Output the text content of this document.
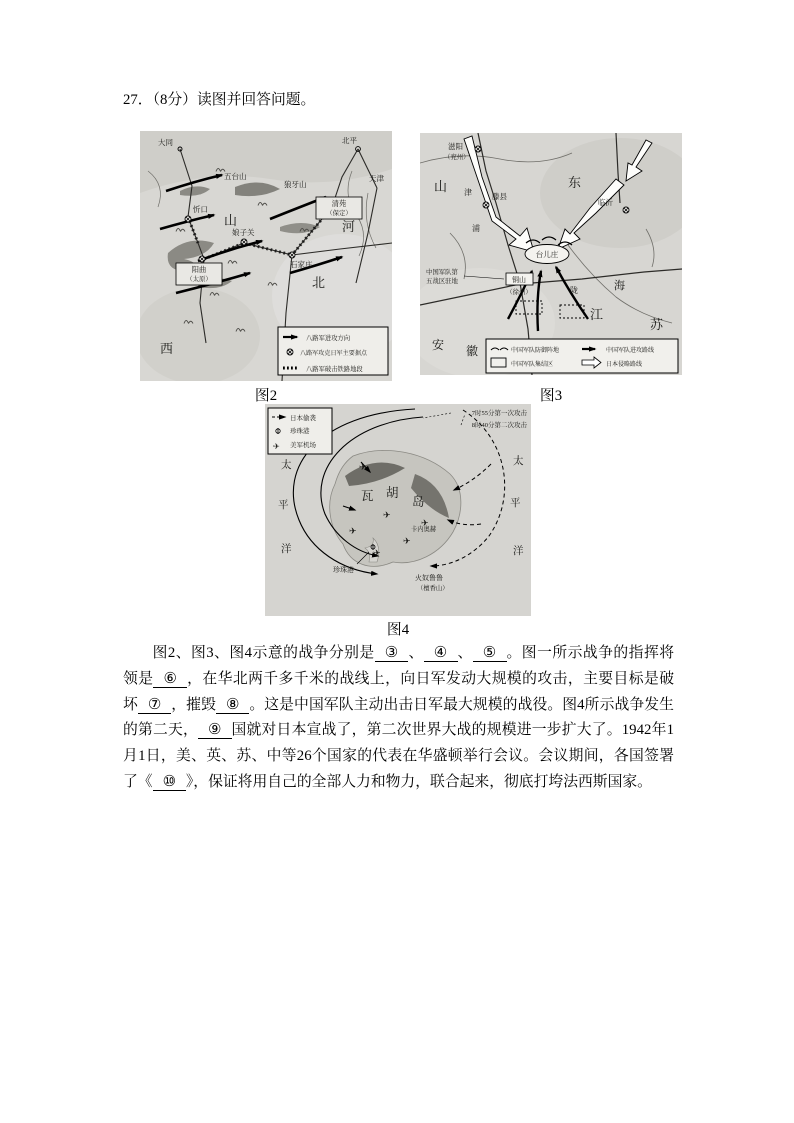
27．（8分）读图并回答问题。
大同	北平
天津
五台山
狼牙山
清苑
（保定）
忻口
阳曲
（太原）
娘子关
石家庄
山
西
河
北
八路军进攻方向
八路军攻克日军主要据点
八路军破击铁路地段
滋阳
（兖州）
山	东
滕县
临沂
台儿庄
铜山
（徐州）
中国军队第
五战区驻地
江
苏
海
陇
津
浦
安 徽	中国军队防御阵地	中国军队进攻路线
中国军队集结区	日本侵略路线
✈
✈
✈
✈
✈
✈
瓦 胡
岛
太
平
洋
太
平
洋
珍珠港
火奴鲁鲁
（檀香山）
卡内奥赫
7时55分第一次攻击
8时40分第二次攻击
日本偷袭
珍珠港
✈ 美军机场
图2	图3
图4

图2、图3、图4示意的战争分别是 ③ 、 ④ 、 ⑤ 。图一所示战争的指挥将领是 ⑥ ，在华北两千多千米的战线上，向日军发动大规模的攻击，主要目标是破坏 ⑦ ，摧毁 ⑧ 。这是中国军队主动出击日军最大规模的战役。图4所示战争发生的第二天， ⑨ 国就对日本宣战了，第二次世界大战的规模进一步扩大了。1942年1月1日，美、英、苏、中等26个国家的代表在华盛顿举行会议。会议期间，各国签署了《 ⑩ 》，保证将用自己的全部人力和物力，联合起来，彻底打垮法西斯国家。
